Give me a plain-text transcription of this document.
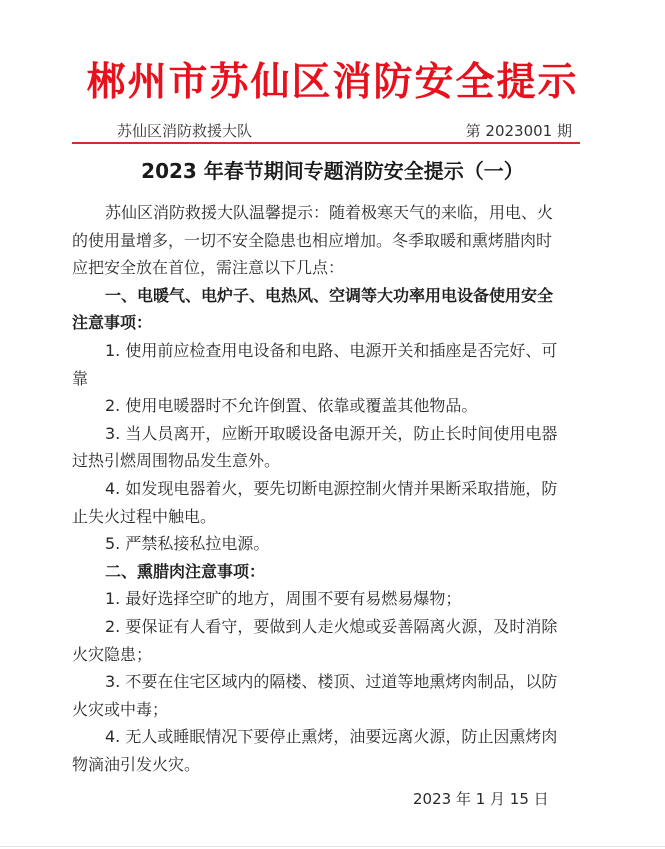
郴州市苏仙区消防安全提示
苏仙区消防救援大队	第 2023001 期
2023 年春节期间专题消防安全提示（一）
苏仙区消防救援大队温馨提示：随着极寒天气的来临，用电、火
的使用量增多，一切不安全隐患也相应增加。冬季取暖和熏烤腊肉时
应把安全放在首位，需注意以下几点：
一、电暖气、电炉子、电热风、空调等大功率用电设备使用安全
注意事项：
1. 使用前应检查用电设备和电路、电源开关和插座是否完好、可
靠
2. 使用电暖器时不允许倒置、依靠或覆盖其他物品。
3. 当人员离开，应断开取暖设备电源开关，防止长时间使用电器
过热引燃周围物品发生意外。
4. 如发现电器着火，要先切断电源控制火情并果断采取措施，防
止失火过程中触电。
5. 严禁私接私拉电源。
二、熏腊肉注意事项：
1. 最好选择空旷的地方，周围不要有易燃易爆物；
2. 要保证有人看守，要做到人走火熄或妥善隔离火源，及时消除
火灾隐患；
3. 不要在住宅区域内的隔楼、楼顶、过道等地熏烤肉制品，以防
火灾或中毒；
4. 无人或睡眠情况下要停止熏烤，油要远离火源，防止因熏烤肉
物滴油引发火灾。
2023 年 1 月 15 日
